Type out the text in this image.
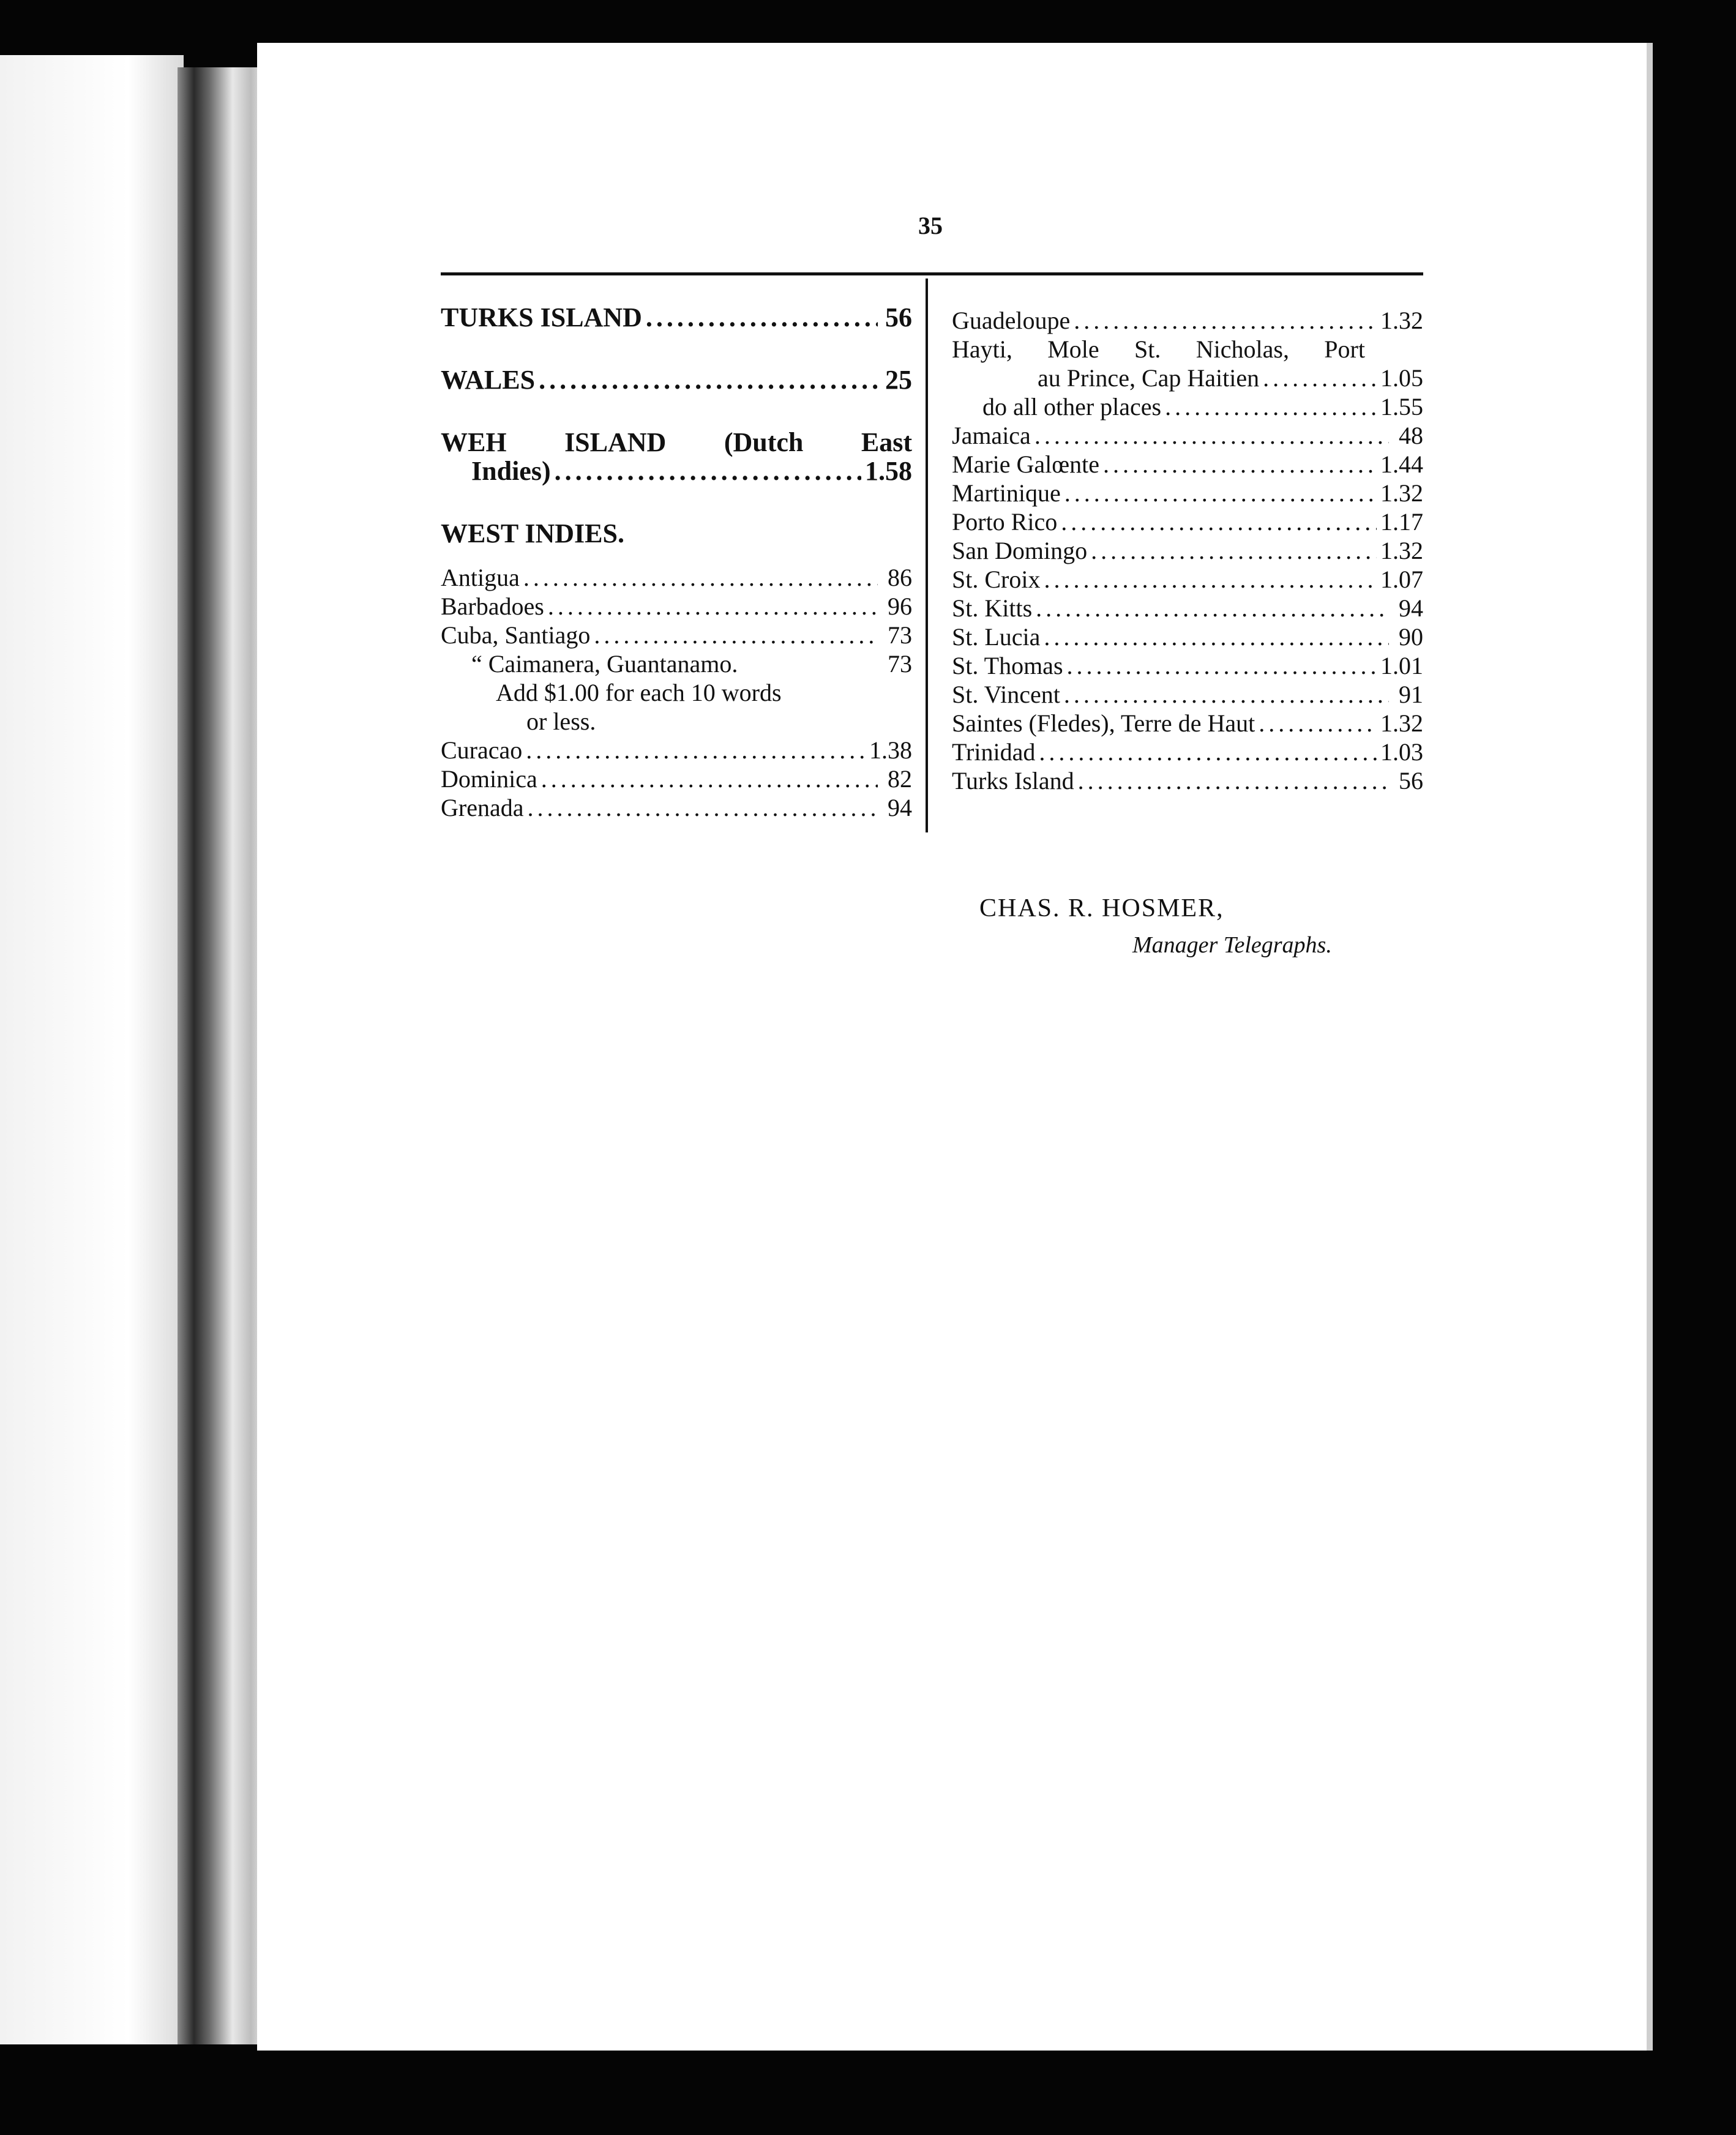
35
TURKS ISLAND .....	56
WALES .....	25
WEH ISLAND (Dutch East
Indies) .....	1.58
WEST INDIES.
Antigua .....	86
Barbadoes .....	96
Cuba, Santiago .....	73
“ Caimanera, Guantanamo.	73
Add $1.00 for each 10 words
or less.
Curacao .....	1.38
Dominica .....	82
Grenada .....	94
Guadeloupe .....	1.32
Hayti, Mole St. Nicholas, Port
au Prince, Cap Haitien .....	1.05
do all other places .....	1.55
Jamaica .....	48
Marie Galœnte .....	1.44
Martinique .....	1.32
Porto Rico .....	1.17
San Domingo .....	1.32
St. Croix .....	1.07
St. Kitts .....	94
St. Lucia .....	90
St. Thomas .....	1.01
St. Vincent .....	91
Saintes (Fledes), Terre de Haut .....	1.32
Trinidad .....	1.03
Turks Island .....	56
CHAS. R. HOSMER,
Manager Telegraphs.
